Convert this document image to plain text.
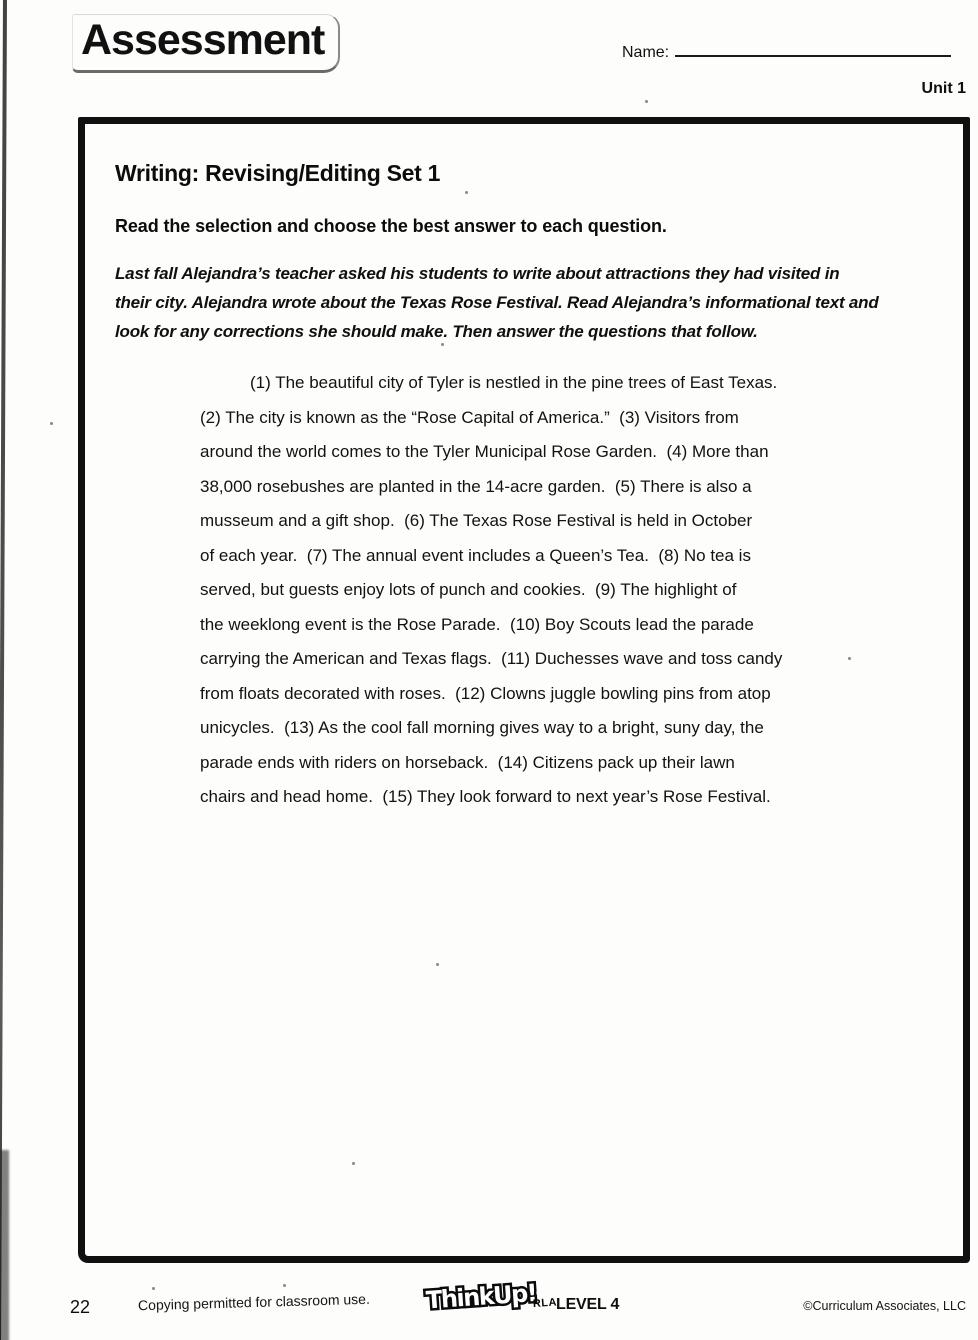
Assessment	Name:
Unit 1
Writing: Revising/Editing Set 1
Read the selection and choose the best answer to each question.
Last fall Alejandra’s teacher asked his students to write about attractions they had visited in
their city. Alejandra wrote about the Texas Rose Festival. Read Alejandra’s informational text and
look for any corrections she should make. Then answer the questions that follow.
(1) The beautiful city of Tyler is nestled in the pine trees of East Texas.
(2) The city is known as the “Rose Capital of America.”  (3) Visitors from
around the world comes to the Tyler Municipal Rose Garden.  (4) More than
38,000 rosebushes are planted in the 14-acre garden.  (5) There is also a
musseum and a gift shop.  (6) The Texas Rose Festival is held in October
of each year.  (7) The annual event includes a Queen’s Tea.  (8) No tea is
served, but guests enjoy lots of punch and cookies.  (9) The highlight of
the weeklong event is the Rose Parade.  (10) Boy Scouts lead the parade
carrying the American and Texas flags.  (11) Duchesses wave and toss candy
from floats decorated with roses.  (12) Clowns juggle bowling pins from atop
unicycles.  (13) As the cool fall morning gives way to a bright, suny day, the
parade ends with riders on horseback.  (14) Citizens pack up their lawn
chairs and head home.  (15) They look forward to next year’s Rose Festival.
22	Copying permitted for classroom use. $ThinkUp!_{RLA}$
LEVEL 4	©Curriculum Associates, LLC
